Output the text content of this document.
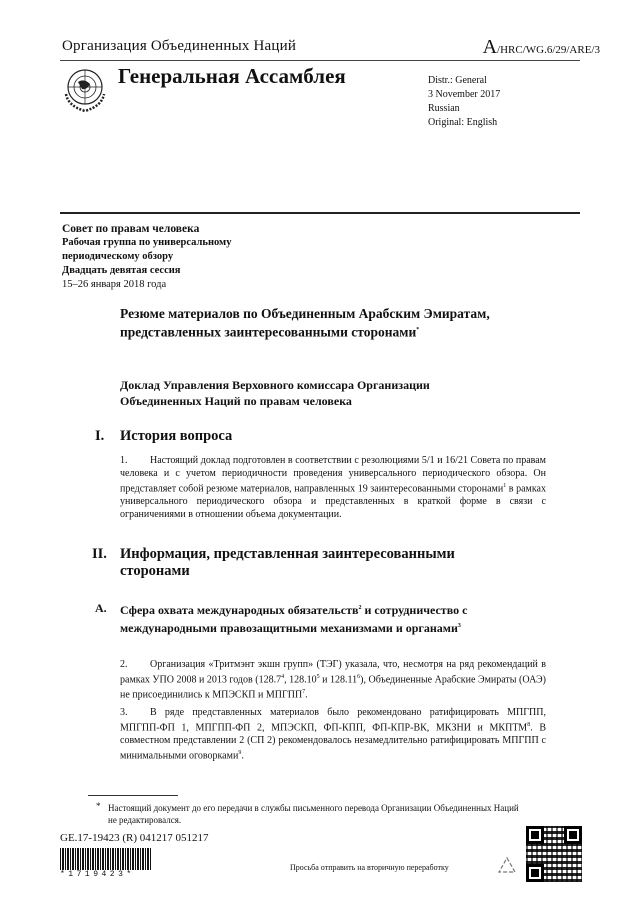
Организация Объединенных Наций	A/HRC/WG.6/29/ARE/3
Генеральная Ассамблея	Distr.: General
3 November 2017
Russian
Original: English
Совет по правам человека
Рабочая группа по универсальному
периодическому обзору
Двадцать девятая сессия
15–26 января 2018 года
Резюме материалов по Объединенным Арабским Эмиратам, представленных заинтересованными сторонами*
Доклад Управления Верховного комиссара Организации Объединенных Наций по правам человека
I. История вопроса
1. Настоящий доклад подготовлен в соответствии с резолюциями 5/1 и 16/21 Совета по правам человека и с учетом периодичности проведения универсального периодического обзора. Он представляет собой резюме материалов, направленных 19 заинтересованными сторонами$^1$ в рамках универсального периодического обзора и представленных в краткой форме в связи с ограничениями в отношении объема документации.
II. Информация, представленная заинтересованными сторонами
A.	Сфера охвата международных обязательств$^2$ и сотрудничество с международными правозащитными механизмами и органами$^3$
2. Организация «Тритмэнт экшн групп» (ТЭГ) указала, что, несмотря на ряд рекомендаций в рамках УПО 2008 и 2013 годов (128.7$^4$, 128.10$^5$ и 128.11$^6$), Объединенные Арабские Эмираты (ОАЭ) не присоединились к МПЭСКП и МПГПП$^7$.
3. В ряде представленных материалов было рекомендовано ратифицировать МПГПП, МПГПП-ФП 1, МПГПП-ФП 2, МПЭСКП, ФП-КПП, ФП-КПР-ВК, МКЗНИ и МКПТМ$^8$. В совместном представлении 2 (СП 2) рекомендовалось незамедлительно ратифицировать МПГПП с минимальными оговорками$^9$.
* Настоящий документ до его передачи в службы письменного перевода Организации Объединенных Наций не редактировался.
GE.17-19423 (R) 041217 051217
*1719423*
Просьба отправить на вторичную переработку
